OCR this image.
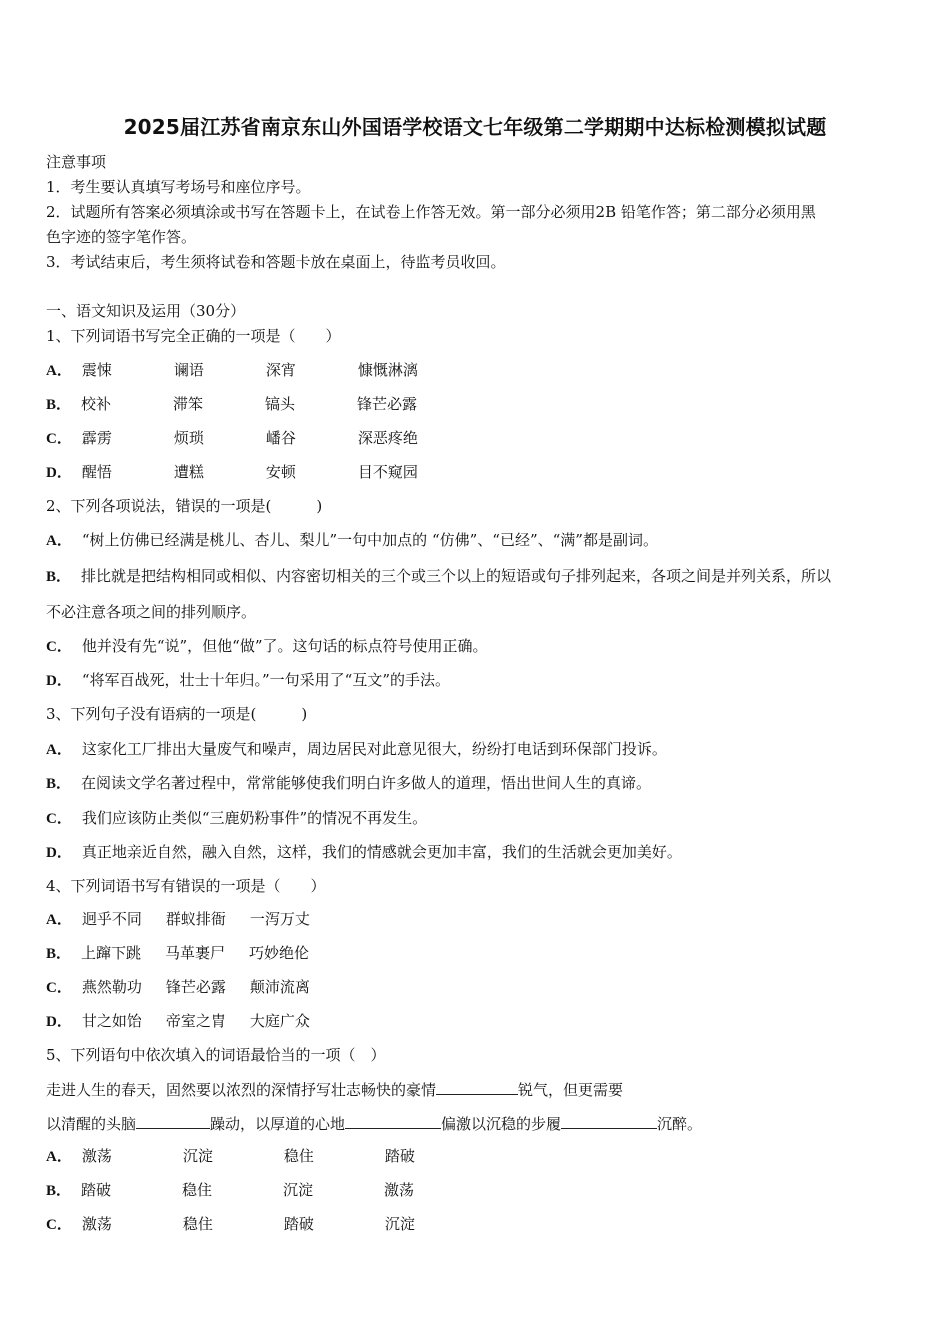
2025届江苏省南京东山外国语学校语文七年级第二学期期中达标检测模拟试题
注意事项
1．考生要认真填写考场号和座位序号。
2．试题所有答案必须填涂或书写在答题卡上，在试卷上作答无效。第一部分必须用2B 铅笔作答；第二部分必须用黑
色字迹的签字笔作答。
3．考试结束后，考生须将试卷和答题卡放在桌面上，待监考员收回。
一、语文知识及运用（30分）
1、下列词语书写完全正确的一项是（　　）
A． 震悚	谰语	深宵	慷慨淋漓
B． 校补	滞笨	镐头	锋芒必露
C． 霹雳	烦琐	嶓谷	深恶疼绝
D． 醒悟	遭糕	安顿	目不窥园
2、下列各项说法，错误的一项是(　　　)
A． “树上仿佛已经满是桃儿、杏儿、梨儿”一句中加点的 “仿佛”、“已经”、“满”都是副词。
B． 排比就是把结构相同或相似、内容密切相关的三个或三个以上的短语或句子排列起来，各项之间是并列关系，所以
不必注意各项之间的排列顺序。
C． 他并没有先“说”，但他“做”了。这句话的标点符号使用正确。
D． “将军百战死，壮士十年归。”一句采用了“互文”的手法。
3、下列句子没有语病的一项是(　　　)
A． 这家化工厂排出大量废气和噪声，周边居民对此意见很大，纷纷打电话到环保部门投诉。
B． 在阅读文学名著过程中，常常能够使我们明白许多做人的道理，悟出世间人生的真谛。
C． 我们应该防止类似“三鹿奶粉事件”的情况不再发生。
D． 真正地亲近自然，融入自然，这样，我们的情感就会更加丰富，我们的生活就会更加美好。
4、下列词语书写有错误的一项是（　　）
A． 迥乎不同 群蚁排衙 一泻万丈
B． 上蹿下跳 马革裹尸 巧妙绝伦
C． 燕然勒功 锋芒必露 颠沛流离
D． 甘之如饴 帝室之胄 大庭广众
5、下列语句中依次填入的词语最恰当的一项（　）
走进人生的春天，固然要以浓烈的深情抒写壮志畅快的豪情	锐气，但更需要
以清醒的头脑	躁动，以厚道的心地	偏激以沉稳的步履	沉醉。
A． 激荡	沉淀	稳住	踏破
B． 踏破	稳住	沉淀	激荡
C． 激荡	稳住	踏破	沉淀
